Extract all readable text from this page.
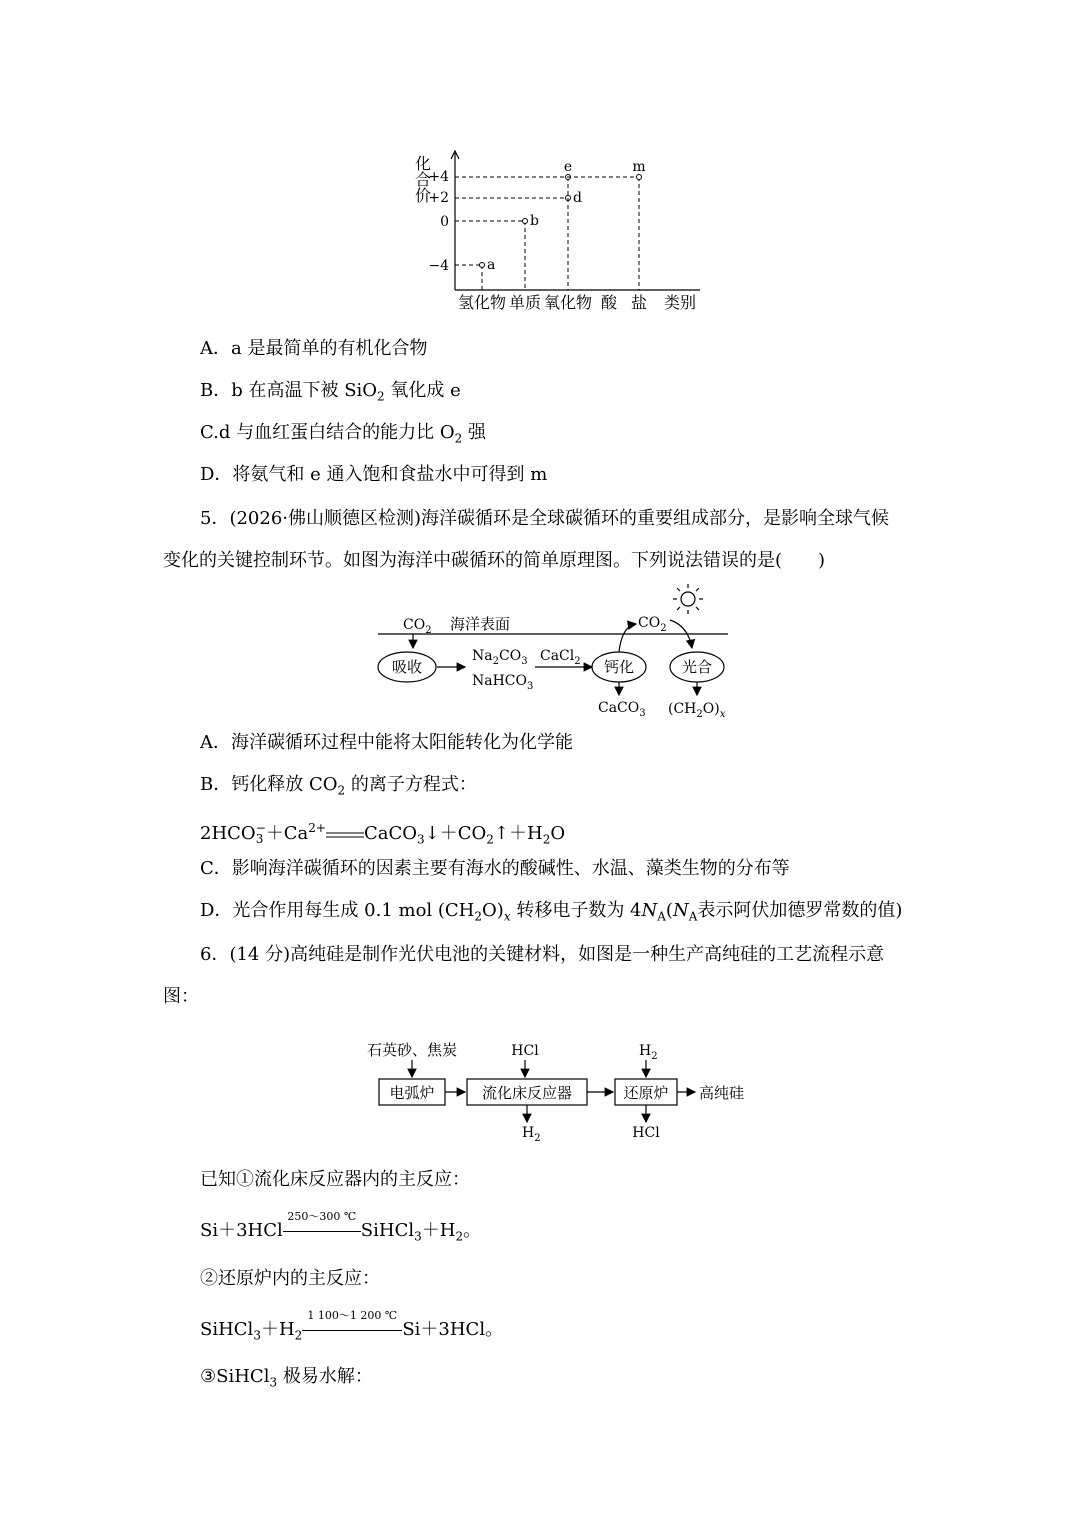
a
b
d
e	m
化合价
+4
+2
0
−4
氢化物 单质 氧化物 酸 盐 类别
A．a 是最简单的有机化合物
B．b 在高温下被 SiO$_2$ 氧化成 e
C.d 与血红蛋白结合的能力比 $O_2$ 强
D．将氨气和 e 通入饱和食盐水中可得到 m
5．(2026·佛山顺德区检测)海洋碳循环是全球碳循环的重要组成部分，是影响全球气候
变化的关键控制环节。如图为海洋中碳循环的简单原理图。下列说法错误的是(　　)
$CO_2$ 海洋表面
吸收
$Na_2CO_3$
NaHCO$_3$
CaCl$_2$ 钙化
$CO_2$
光合
CaCO$_3$ $(CH_2O)_x$
A．海洋碳循环过程中能将太阳能转化为化学能
B．钙化释放 $CO_2$ 的离子方程式：
2HCO −
$3 +Ca^{2+}$ $CaCO_3↓+CO_2↑+H_2O$
C．影响海洋碳循环的因素主要有海水的酸碱性、水温、藻类生物的分布等
D．光合作用每生成 0.1 mol $(CH_2O)_x$ 转移电子数为 $4N_A(N_A$表示阿伏加德罗常数的值)
6．(14 分)高纯硅是制作光伏电池的关键材料，如图是一种生产高纯硅的工艺流程示意
图：
石英砂、焦炭
电弧炉
HCl
流化床反应器
$H_2$
$H_2$
还原炉
HCl
高纯硅
已知①流化床反应器内的主反应：
Si＋3HCl
250～300 ℃
$SiHCl_3+H_2$。
②还原炉内的主反应：
$SiHCl_3+H_2$
1 100～1 200 ℃
Si＋3HCl。
③SiHCl$_3$ 极易水解：
